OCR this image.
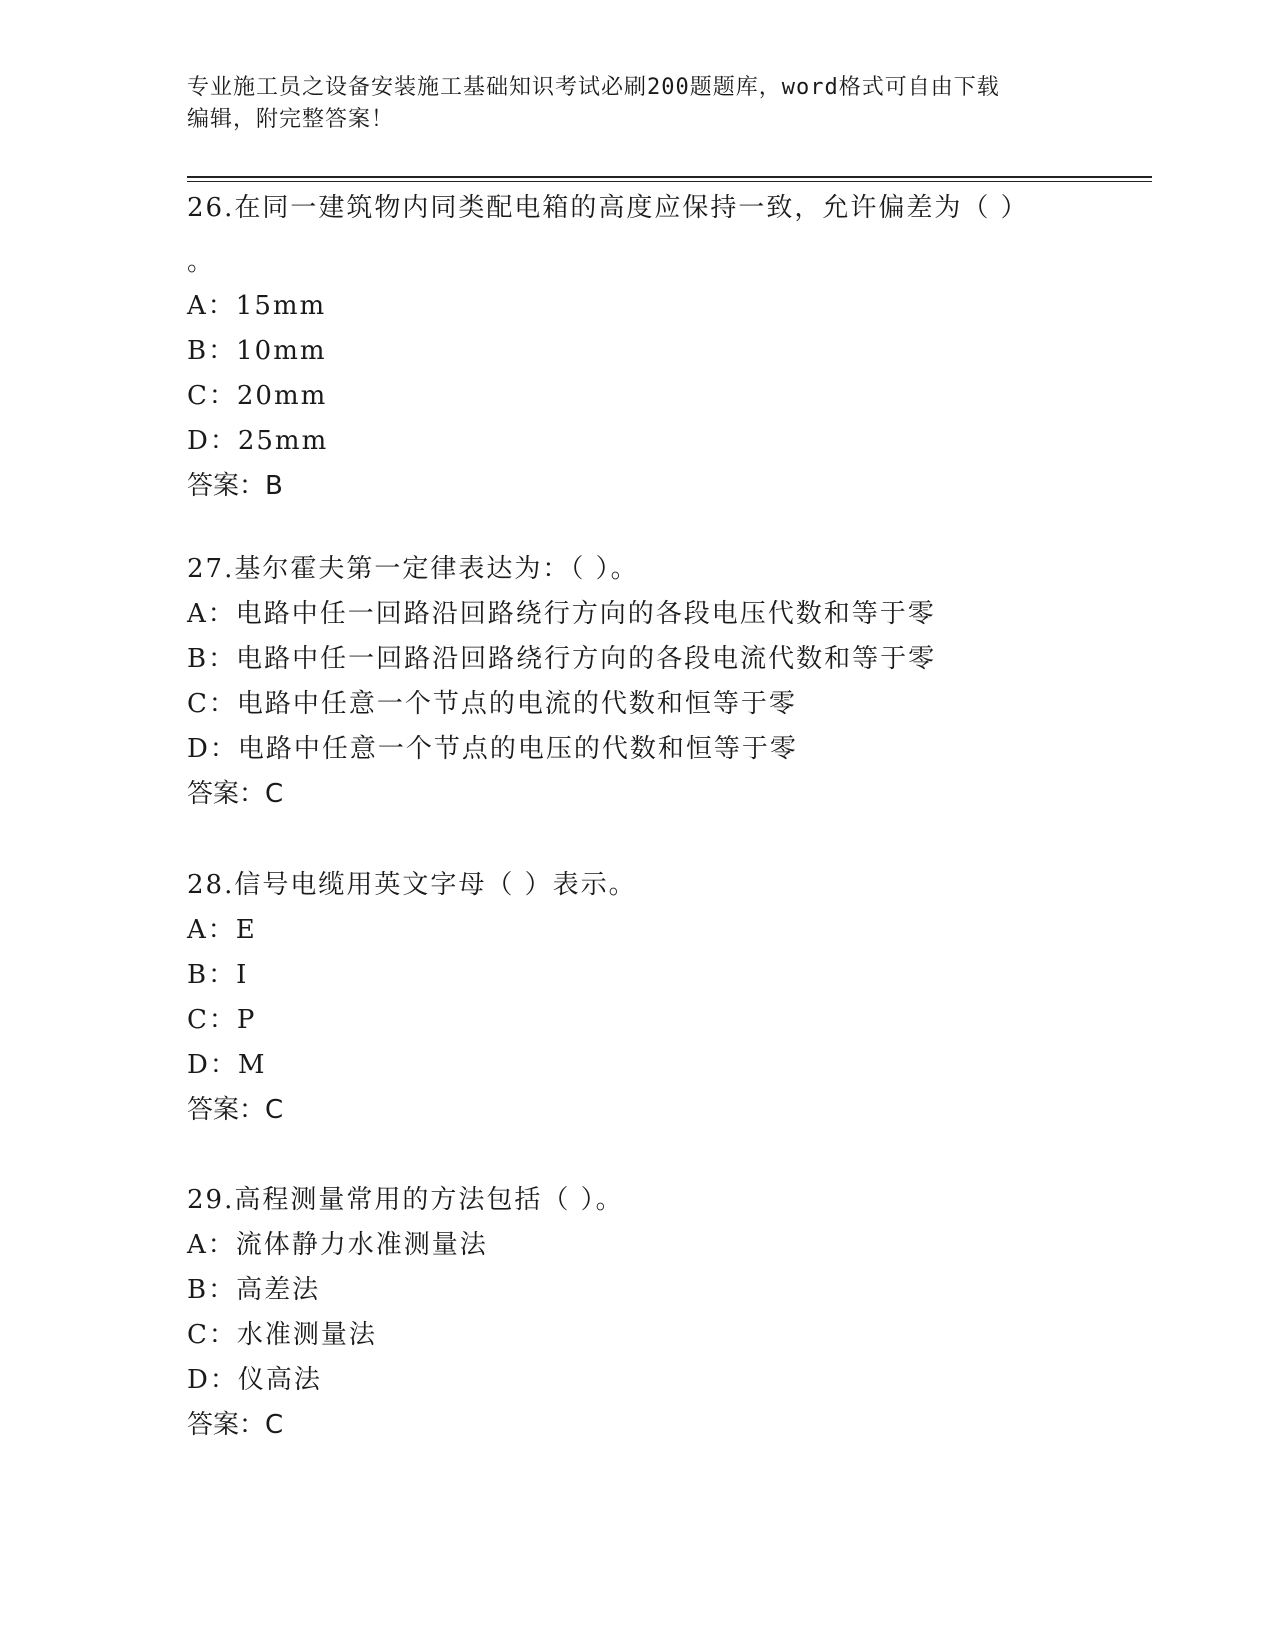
专业施工员之设备安装施工基础知识考试必刷200题题库，word格式可自由下载
编辑，附完整答案！
26.在同一建筑物内同类配电箱的高度应保持一致，允许偏差为（ ）
。
A：15mm
B：10mm
C：20mm
D：25mm
答案：B
27.基尔霍夫第一定律表达为：（ ）。
A：电路中任一回路沿回路绕行方向的各段电压代数和等于零
B：电路中任一回路沿回路绕行方向的各段电流代数和等于零
C：电路中任意一个节点的电流的代数和恒等于零
D：电路中任意一个节点的电压的代数和恒等于零
答案：C
28.信号电缆用英文字母（ ）表示。
A：E
B：I
C：P
D：M
答案：C
29.高程测量常用的方法包括（ ）。
A：流体静力水准测量法
B：高差法
C：水准测量法
D：仪高法
答案：C
